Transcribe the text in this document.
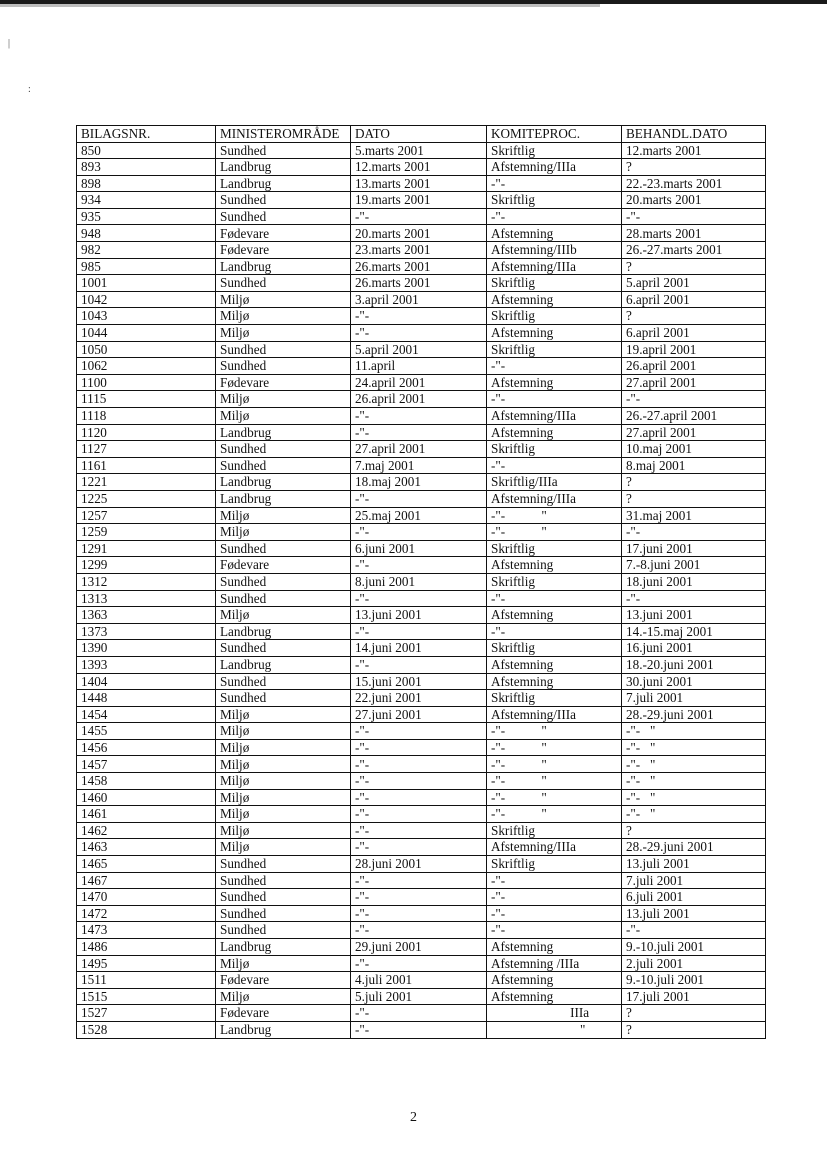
|
:
BILAGSNR.	MINISTEROMRÅDE	DATO	KOMITEPROC.	BEHANDL.DATO
850	Sundhed	5.marts 2001	Skriftlig	12.marts 2001
893	Landbrug	12.marts 2001	Afstemning/IIIa	?
898	Landbrug	13.marts 2001	-"-	22.-23.marts 2001
934	Sundhed	19.marts 2001	Skriftlig	20.marts 2001
935	Sundhed	-"-	-"-	-"-
948	Fødevare	20.marts 2001	Afstemning	28.marts 2001
982	Fødevare	23.marts 2001	Afstemning/IIIb	26.-27.marts 2001
985	Landbrug	26.marts 2001	Afstemning/IIIa	?
1001	Sundhed	26.marts 2001	Skriftlig	5.april 2001
1042	Miljø	3.april 2001	Afstemning	6.april 2001
1043	Miljø	-"-	Skriftlig	?
1044	Miljø	-"-	Afstemning	6.april 2001
1050	Sundhed	5.april 2001	Skriftlig	19.april 2001
1062	Sundhed	11.april	-"-	26.april 2001
1100	Fødevare	24.april 2001	Afstemning	27.april 2001
1115	Miljø	26.april 2001	-"-	-"-
1118	Miljø	-"-	Afstemning/IIIa	26.-27.april 2001
1120	Landbrug	-"-	Afstemning	27.april 2001
1127	Sundhed	27.april 2001	Skriftlig	10.maj 2001
1161	Sundhed	7.maj 2001	-"-	8.maj 2001
1221	Landbrug	18.maj 2001	Skriftlig/IIIa	?
1225	Landbrug	-"-	Afstemning/IIIa	?
1257	Miljø	25.maj 2001	-"-           "	31.maj 2001
1259	Miljø	-"-	-"-           "	-"-
1291	Sundhed	6.juni 2001	Skriftlig	17.juni 2001
1299	Fødevare	-"-	Afstemning	7.-8.juni 2001
1312	Sundhed	8.juni 2001	Skriftlig	18.juni 2001
1313	Sundhed	-"-	-"-	-"-
1363	Miljø	13.juni 2001	Afstemning	13.juni 2001
1373	Landbrug	-"-	-"-	14.-15.maj 2001
1390	Sundhed	14.juni 2001	Skriftlig	16.juni 2001
1393	Landbrug	-"-	Afstemning	18.-20.juni 2001
1404	Sundhed	15.juni 2001	Afstemning	30.juni 2001
1448	Sundhed	22.juni 2001	Skriftlig	7.juli 2001
1454	Miljø	27.juni 2001	Afstemning/IIIa	28.-29.juni 2001
1455	Miljø	-"-	-"-           "	-"-   "
1456	Miljø	-"-	-"-           "	-"-   "
1457	Miljø	-"-	-"-           "	-"-   "
1458	Miljø	-"-	-"-           "	-"-   "
1460	Miljø	-"-	-"-           "	-"-   "
1461	Miljø	-"-	-"-           "	-"-   "
1462	Miljø	-"-	Skriftlig	?
1463	Miljø	-"-	Afstemning/IIIa	28.-29.juni 2001
1465	Sundhed	28.juni 2001	Skriftlig	13.juli 2001
1467	Sundhed	-"-	-"-	7.juli 2001
1470	Sundhed	-"-	-"-	6.juli 2001
1472	Sundhed	-"-	-"-	13.juli 2001
1473	Sundhed	-"-	-"-	-"-
1486	Landbrug	29.juni 2001	Afstemning	9.-10.juli 2001
1495	Miljø	-"-	Afstemning /IIIa	2.juli 2001
1511	Fødevare	4.juli 2001	Afstemning	9.-10.juli 2001
1515	Miljø	5.juli 2001	Afstemning	17.juli 2001
1527	Fødevare	-"-	IIIa	?
1528	Landbrug	-"-	"	?
2
